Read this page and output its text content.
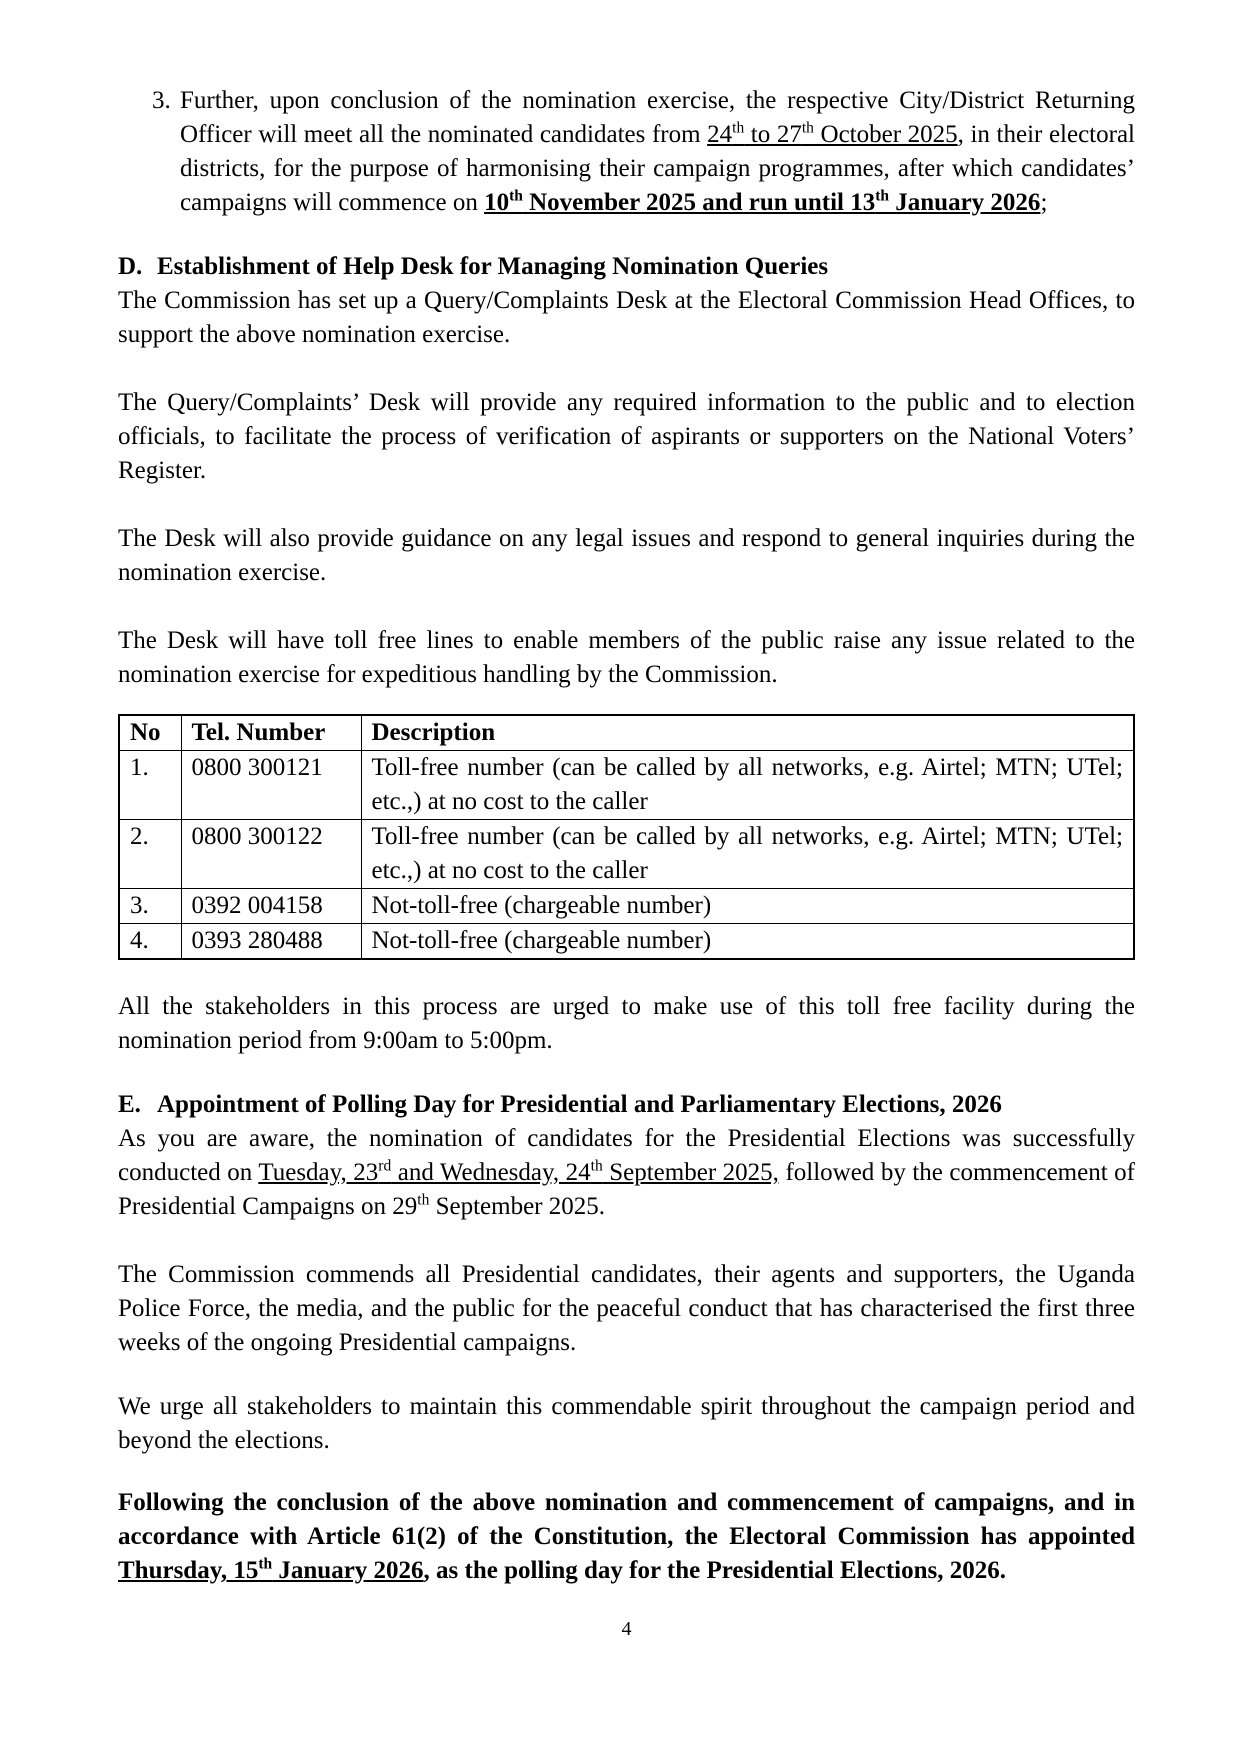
3. Further, upon conclusion of the nomination exercise, the respective City/District Returning Officer will meet all the nominated candidates from 24th to 27th October 2025, in their electoral districts, for the purpose of harmonising their campaign programmes, after which candidates’ campaigns will commence on 10th November 2025 and run until 13th January 2026;

D. Establishment of Help Desk for Managing Nomination Queries

The Commission has set up a Query/Complaints Desk at the Electoral Commission Head Offices, to support the above nomination exercise.

The Query/Complaints’ Desk will provide any required information to the public and to election officials, to facilitate the process of verification of aspirants or supporters on the National Voters’ Register.

The Desk will also provide guidance on any legal issues and respond to general inquiries during the nomination exercise.

The Desk will have toll free lines to enable members of the public raise any issue related to the nomination exercise for expeditious handling by the Commission.

No	Tel. Number	Description
1.	0800 300121	Toll-free number (can be called by all networks, e.g. Airtel; MTN; UTel; etc.,) at no cost to the caller
2.	0800 300122	Toll-free number (can be called by all networks, e.g. Airtel; MTN; UTel; etc.,) at no cost to the caller
3.	0392 004158	Not-toll-free (chargeable number)
4.	0393 280488	Not-toll-free (chargeable number)

All the stakeholders in this process are urged to make use of this toll free facility during the nomination period from 9:00am to 5:00pm.

E. Appointment of Polling Day for Presidential and Parliamentary Elections, 2026

As you are aware, the nomination of candidates for the Presidential Elections was successfully conducted on Tuesday, 23rd and Wednesday, 24th September 2025, followed by the commencement of Presidential Campaigns on 29th September 2025.

The Commission commends all Presidential candidates, their agents and supporters, the Uganda Police Force, the media, and the public for the peaceful conduct that has characterised the first three weeks of the ongoing Presidential campaigns.

We urge all stakeholders to maintain this commendable spirit throughout the campaign period and beyond the elections.

Following the conclusion of the above nomination and commencement of campaigns, and in accordance with Article 61(2) of the Constitution, the Electoral Commission has appointed Thursday, 15th January 2026, as the polling day for the Presidential Elections, 2026.

4
